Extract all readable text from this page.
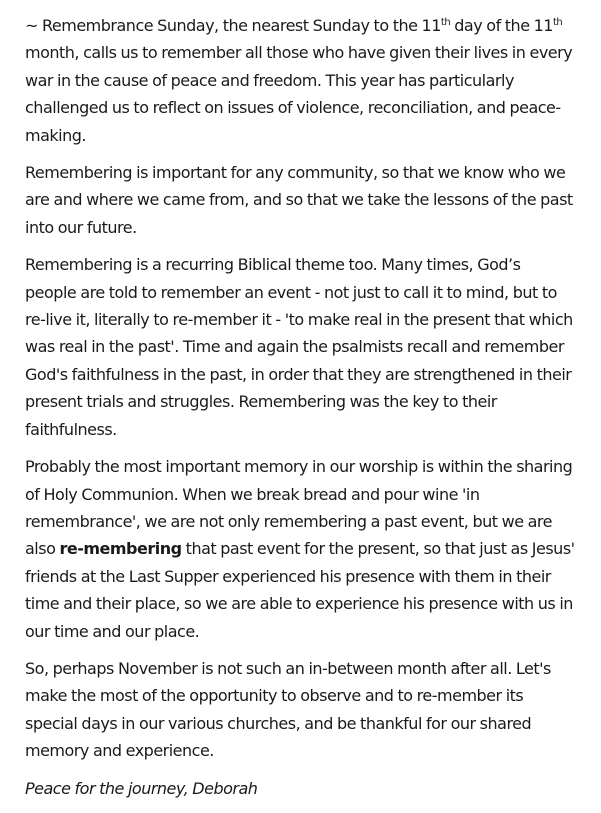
~ Remembrance Sunday, the nearest Sunday to the 11th day of the 11th month, calls us to remember all those who have given their lives in every war in the cause of peace and freedom. This year has particularly challenged us to reflect on issues of violence, reconciliation, and peace-making.

Remembering is important for any community, so that we know who we are and where we came from, and so that we take the lessons of the past into our future.

Remembering is a recurring Biblical theme too. Many times, God’s people are told to remember an event - not just to call it to mind, but to re-live it, literally to re-member it - 'to make real in the present that which was real in the past'. Time and again the psalmists recall and remember God's faithfulness in the past, in order that they are strengthened in their present trials and struggles. Remembering was the key to their faithfulness.

Probably the most important memory in our worship is within the sharing of Holy Communion. When we break bread and pour wine 'in remembrance', we are not only remembering a past event, but we are also re-membering that past event for the present, so that just as Jesus' friends at the Last Supper experienced his presence with them in their time and their place, so we are able to experience his presence with us in our time and our place.

So, perhaps November is not such an in-between month after all. Let's make the most of the opportunity to observe and to re-member its special days in our various churches, and be thankful for our shared memory and experience.

Peace for the journey, Deborah
